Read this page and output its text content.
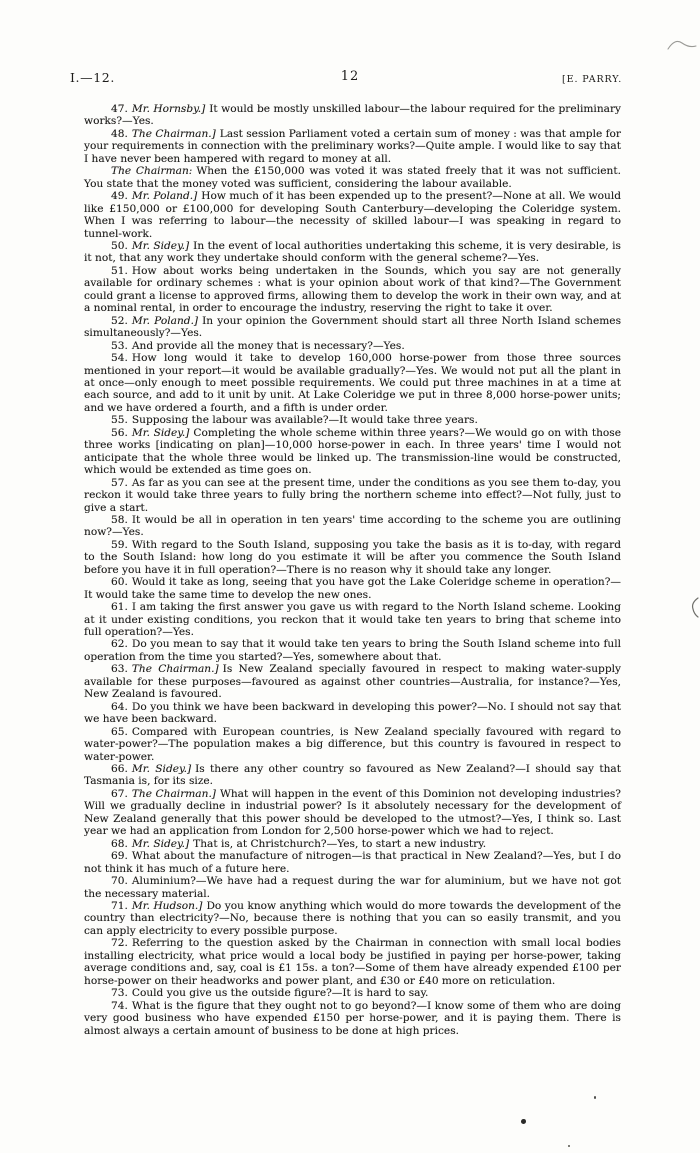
I.—12.	12	[E. PARRY.

47. Mr. Hornsby.] It would be mostly unskilled labour—the labour required for the preliminary works?—Yes.

48. The Chairman.] Last session Parliament voted a certain sum of money : was that ample for your requirements in connection with the preliminary works?—Quite ample. I would like to say that I have never been hampered with regard to money at all.

The Chairman: When the £150,000 was voted it was stated freely that it was not sufficient. You state that the money voted was sufficient, considering the labour available.

49. Mr. Poland.] How much of it has been expended up to the present?—None at all. We would like £150,000 or £100,000 for developing South Canterbury—developing the Coleridge system. When I was referring to labour—the necessity of skilled labour—I was speaking in regard to tunnel-work.

50. Mr. Sidey.] In the event of local authorities undertaking this scheme, it is very desirable, is it not, that any work they undertake should conform with the general scheme?—Yes.

51. How about works being undertaken in the Sounds, which you say are not generally available for ordinary schemes : what is your opinion about work of that kind?—The Government could grant a license to approved firms, allowing them to develop the work in their own way, and at a nominal rental, in order to encourage the industry, reserving the right to take it over.

52. Mr. Poland.] In your opinion the Government should start all three North Island schemes simultaneously?—Yes.

53. And provide all the money that is necessary?—Yes.

54. How long would it take to develop 160,000 horse-power from those three sources mentioned in your report—it would be available gradually?—Yes. We would not put all the plant in at once—only enough to meet possible requirements. We could put three machines in at a time at each source, and add to it unit by unit. At Lake Coleridge we put in three 8,000 horse-power units; and we have ordered a fourth, and a fifth is under order.

55. Supposing the labour was available?—It would take three years.

56. Mr. Sidey.] Completing the whole scheme within three years?—We would go on with those three works [indicating on plan]—10,000 horse-power in each. In three years' time I would not anticipate that the whole three would be linked up. The transmission-line would be constructed, which would be extended as time goes on.

57. As far as you can see at the present time, under the conditions as you see them to-day, you reckon it would take three years to fully bring the northern scheme into effect?—Not fully, just to give a start.

58. It would be all in operation in ten years' time according to the scheme you are outlining now?—Yes.

59. With regard to the South Island, supposing you take the basis as it is to-day, with regard to the South Island: how long do you estimate it will be after you commence the South Island before you have it in full operation?—There is no reason why it should take any longer.

60. Would it take as long, seeing that you have got the Lake Coleridge scheme in operation?—It would take the same time to develop the new ones.

61. I am taking the first answer you gave us with regard to the North Island scheme. Looking at it under existing conditions, you reckon that it would take ten years to bring that scheme into full operation?—Yes.

62. Do you mean to say that it would take ten years to bring the South Island scheme into full operation from the time you started?—Yes, somewhere about that.

63. The Chairman.] Is New Zealand specially favoured in respect to making water-supply available for these purposes—favoured as against other countries—Australia, for instance?—Yes, New Zealand is favoured.

64. Do you think we have been backward in developing this power?—No. I should not say that we have been backward.

65. Compared with European countries, is New Zealand specially favoured with regard to water-power?—The population makes a big difference, but this country is favoured in respect to water-power.

66. Mr. Sidey.] Is there any other country so favoured as New Zealand?—I should say that Tasmania is, for its size.

67. The Chairman.] What will happen in the event of this Dominion not developing industries? Will we gradually decline in industrial power? Is it absolutely necessary for the development of New Zealand generally that this power should be developed to the utmost?—Yes, I think so. Last year we had an application from London for 2,500 horse-power which we had to reject.

68. Mr. Sidey.] That is, at Christchurch?—Yes, to start a new industry.

69. What about the manufacture of nitrogen—is that practical in New Zealand?—Yes, but I do not think it has much of a future here.

70. Aluminium?—We have had a request during the war for aluminium, but we have not got the necessary material.

71. Mr. Hudson.] Do you know anything which would do more towards the development of the country than electricity?—No, because there is nothing that you can so easily transmit, and you can apply electricity to every possible purpose.

72. Referring to the question asked by the Chairman in connection with small local bodies installing electricity, what price would a local body be justified in paying per horse-power, taking average conditions and, say, coal is £1 15s. a ton?—Some of them have already expended £100 per horse-power on their headworks and power plant, and £30 or £40 more on reticulation.

73. Could you give us the outside figure?—It is hard to say.

74. What is the figure that they ought not to go beyond?—I know some of them who are doing very good business who have expended £150 per horse-power, and it is paying them. There is almost always a certain amount of business to be done at high prices.
